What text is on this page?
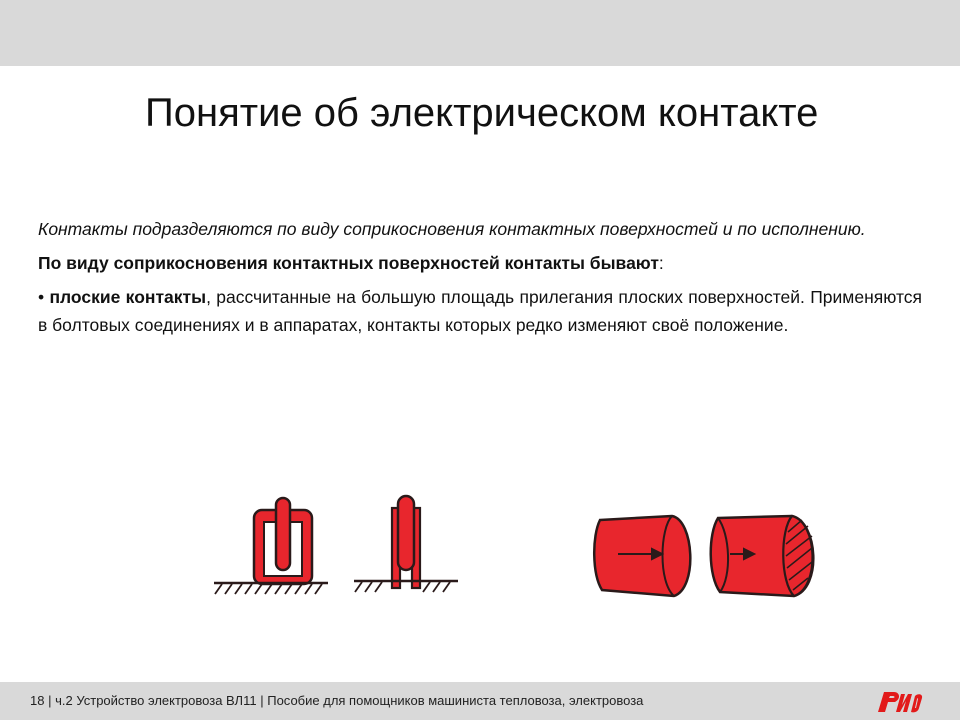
Понятие об электрическом контакте

Контакты подразделяются по виду соприкосновения контактных поверхностей и по исполнению.

По виду соприкосновения контактных поверхностей контакты бывают:

• плоские контакты, рассчитанные на большую площадь прилегания плоских поверхностей. Применяются в болтовых соединениях и в аппаратах, контакты которых редко изменяют своё положение.

18 | ч.2 Устройство электровоза ВЛ11 | Пособие для помощников машиниста тепловоза, электровоза
